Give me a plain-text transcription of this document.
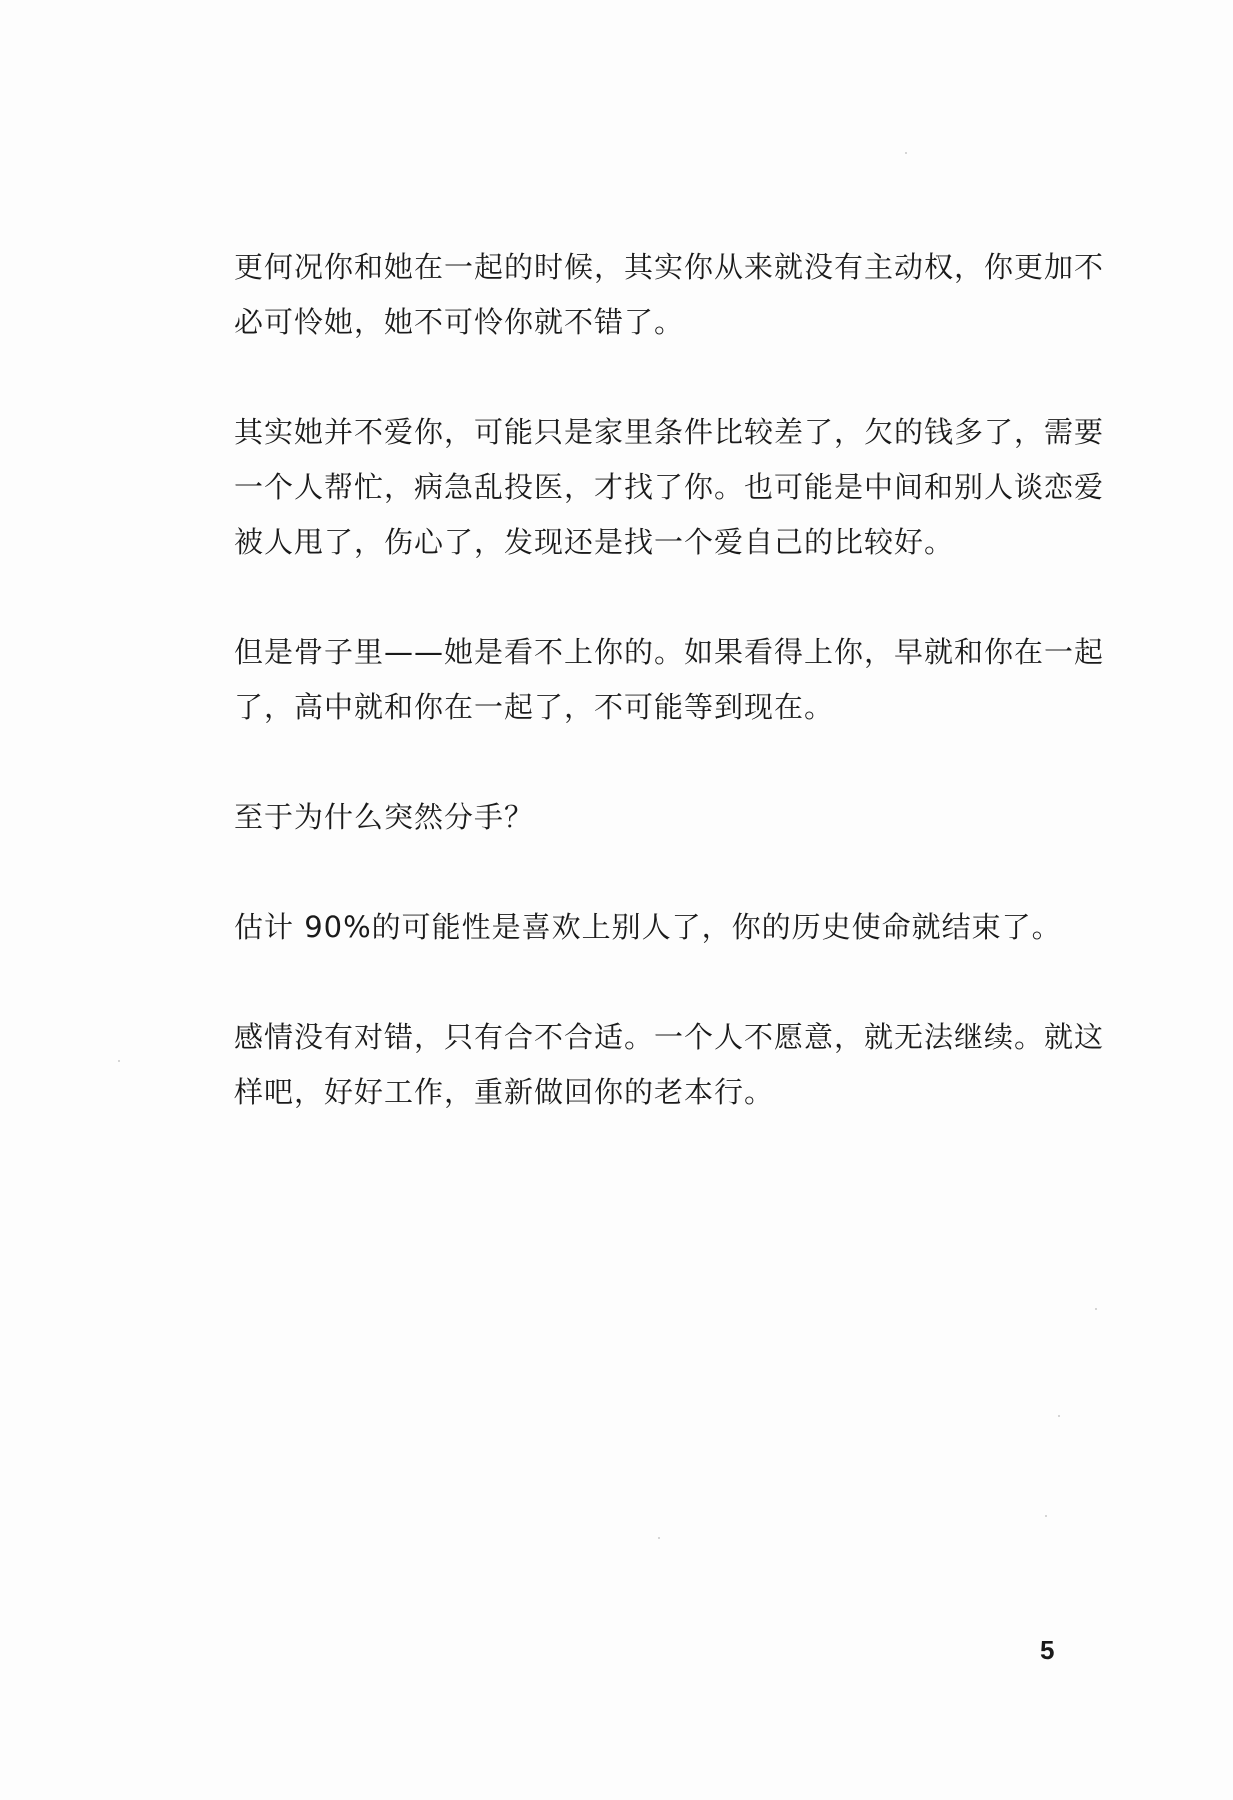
更何况你和她在一起的时候，其实你从来就没有主动权，你更加不
必可怜她，她不可怜你就不错了。

其实她并不爱你，可能只是家里条件比较差了，欠的钱多了，需要
一个人帮忙，病急乱投医，才找了你。也可能是中间和别人谈恋爱
被人甩了，伤心了，发现还是找一个爱自己的比较好。

但是骨子里——她是看不上你的。如果看得上你，早就和你在一起
了，高中就和你在一起了，不可能等到现在。

至于为什么突然分手？

估计 90%的可能性是喜欢上别人了，你的历史使命就结束了。

感情没有对错，只有合不合适。一个人不愿意，就无法继续。就这
样吧，好好工作，重新做回你的老本行。

5
